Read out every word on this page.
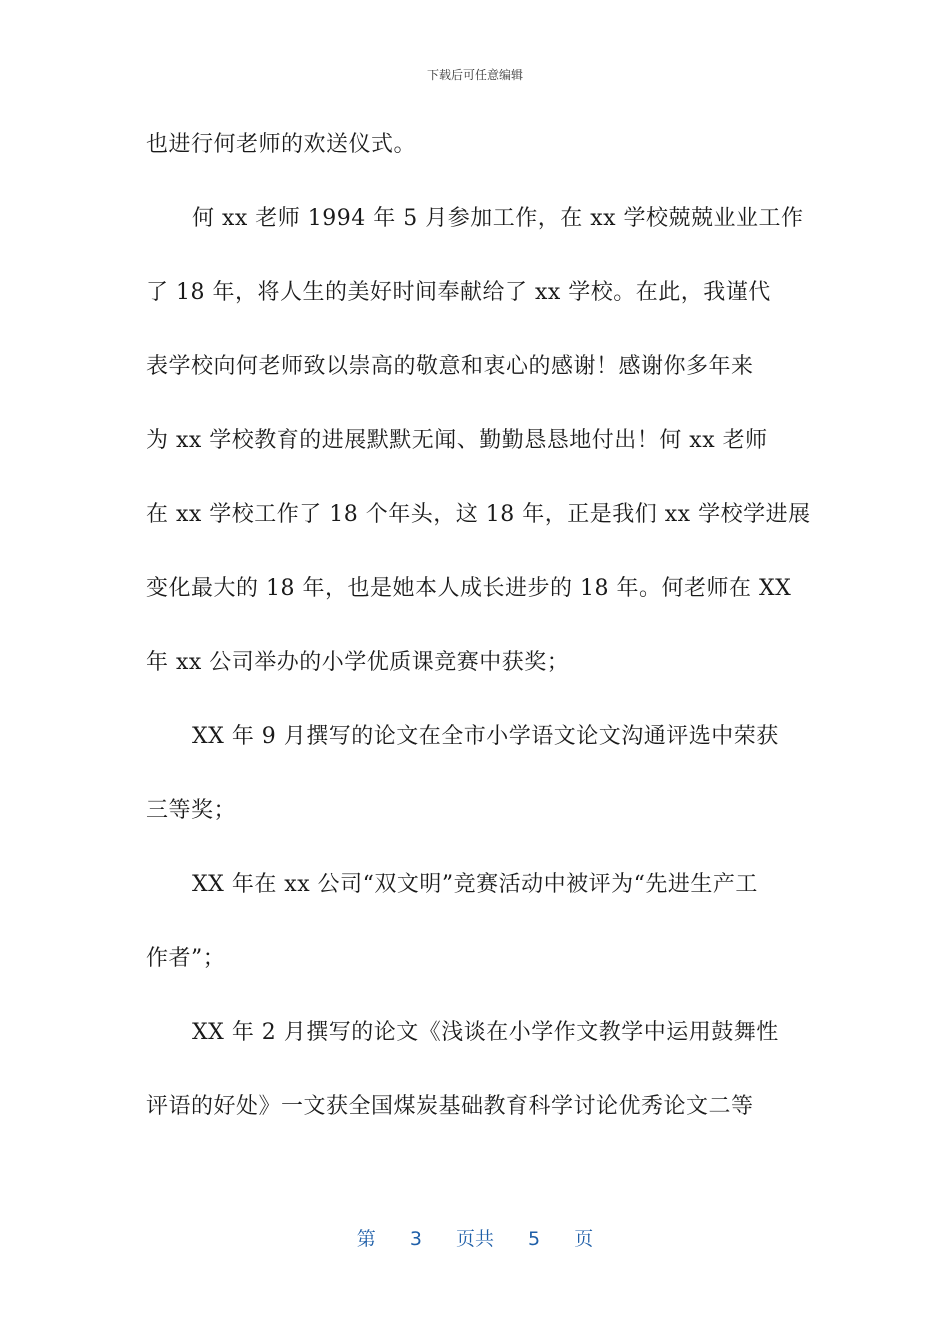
下载后可任意编辑
也进行何老师的欢送仪式。
何 xx 老师 1994 年 5 月参加工作，在 xx 学校兢兢业业工作
了 18 年，将人生的美好时间奉献给了 xx 学校。在此，我谨代
表学校向何老师致以崇高的敬意和衷心的感谢！感谢你多年来
为 xx 学校教育的进展默默无闻、勤勤恳恳地付出！何 xx 老师
在 xx 学校工作了 18 个年头，这 18 年，正是我们 xx 学校学进展
变化最大的 18 年，也是她本人成长进步的 18 年。何老师在 XX
年 xx 公司举办的小学优质课竞赛中获奖；
XX 年 9 月撰写的论文在全市小学语文论文沟通评选中荣获
三等奖；
XX 年在 xx 公司“双文明”竞赛活动中被评为“先进生产工
作者”；
XX 年 2 月撰写的论文《浅谈在小学作文教学中运用鼓舞性
评语的好处》一文获全国煤炭基础教育科学讨论优秀论文二等
第 3 页共 5 页
